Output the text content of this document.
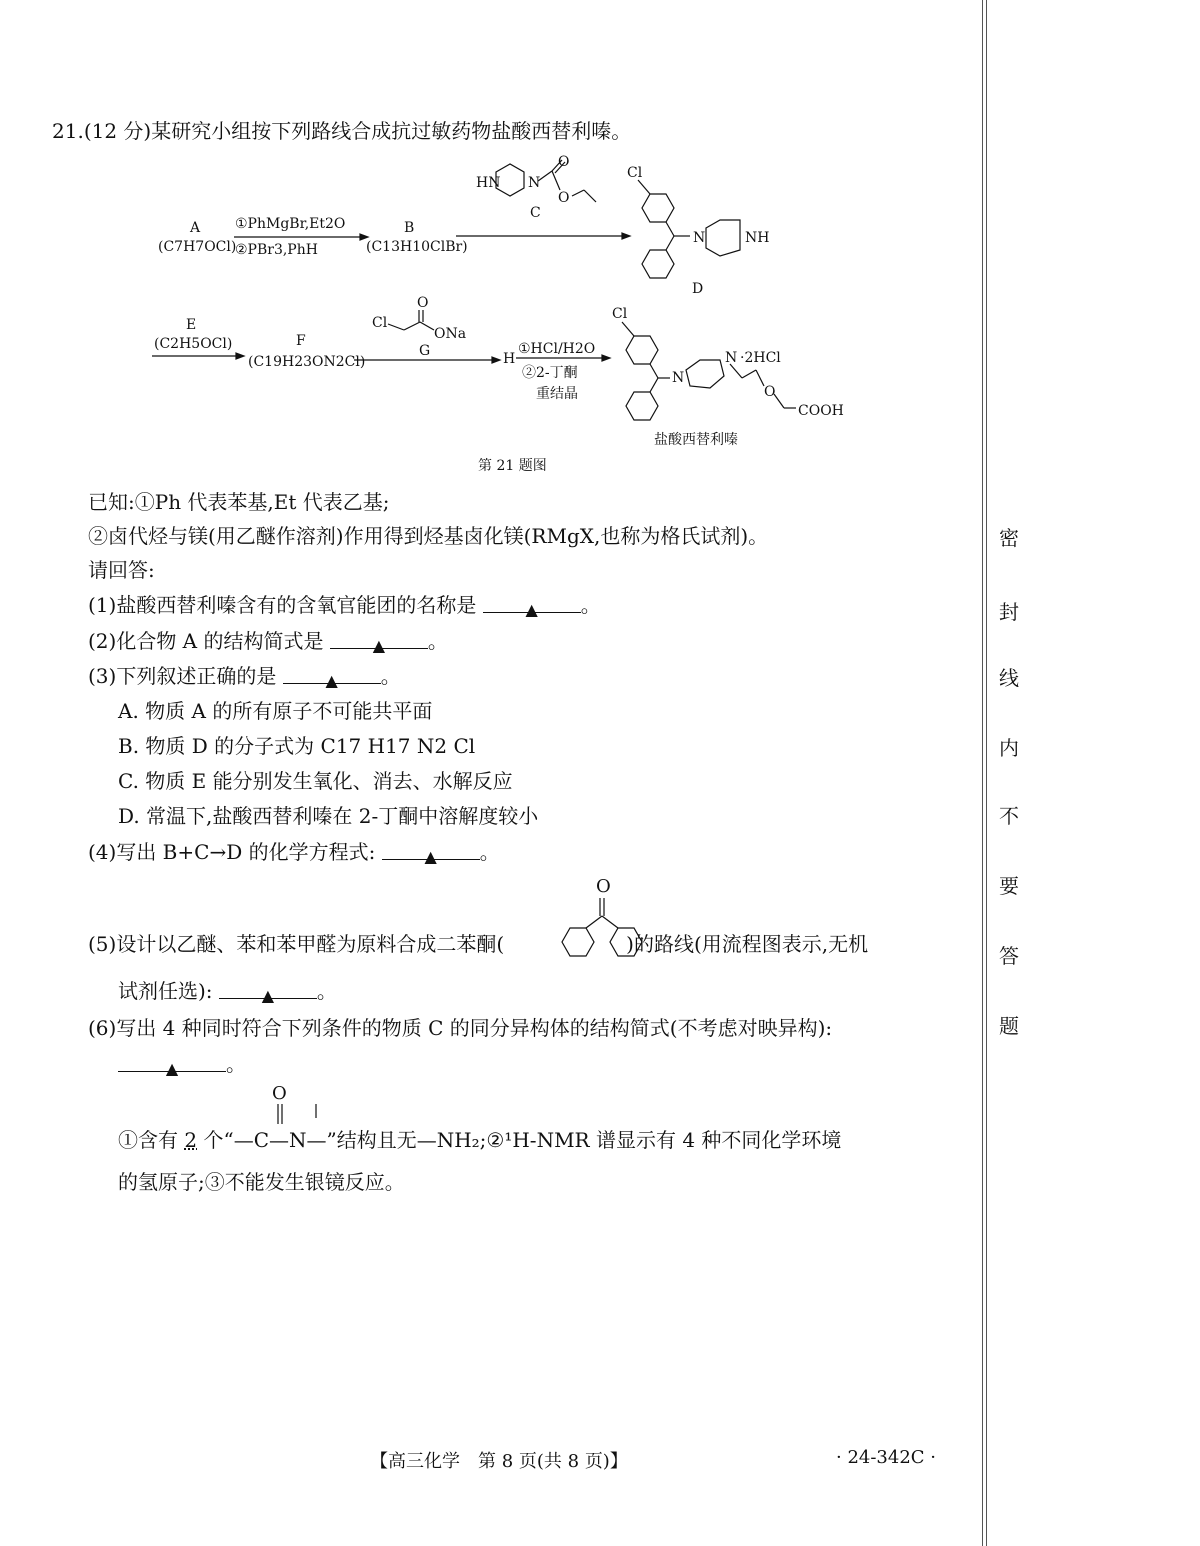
21.(12 分)某研究小组按下列路线合成抗过敏药物盐酸西替利嗪。
A
(C7H7OCl)
①PhMgBr,Et2O
②PBr3,PhH
B
(C13H10ClBr)
HN N
O
O
C
Cl
N	NH
D
E
(C2H5OCl)	F
(C19H23ON2Cl)
Cl
O
ONa
G	H
①HCl/H2O
②2-丁酮
重结晶
Cl
N
N ·2HCl
O
COOH
盐酸西替利嗪
第 21 题图
已知:①Ph 代表苯基,Et 代表乙基;
②卤代烃与镁(用乙醚作溶剂)作用得到烃基卤化镁(RMgX,也称为格氏试剂)。
请回答:
(1)盐酸西替利嗪含有的含氧官能团的名称是	▲ 。
(2)化合物 A 的结构简式是	▲ 。
(3)下列叙述正确的是	▲ 。
A. 物质 A 的所有原子不可能共平面
B. 物质 D 的分子式为 C17 H17 N2 Cl
C. 物质 E 能分别发生氧化、消去、水解反应
D. 常温下,盐酸西替利嗪在 2-丁酮中溶解度较小
(4)写出 B+C→D 的化学方程式:	▲ 。
(5)设计以乙醚、苯和苯甲醛为原料合成二苯酮(	)的路线(用流程图表示,无机
O
试剂任选):	▲ 。
(6)写出 4 种同时符合下列条件的物质 C 的同分异构体的结构简式(不考虑对映异构):
▲ 。
O
①含有 2 个“—C—N—”结构且无—NH₂;②¹H-NMR 谱显示有 4 种不同化学环境
的氢原子;③不能发生银镜反应。
【高三化学　第 8 页(共 8 页)】	· 24-342C ·
密
封
线
内
不
要
答
题
